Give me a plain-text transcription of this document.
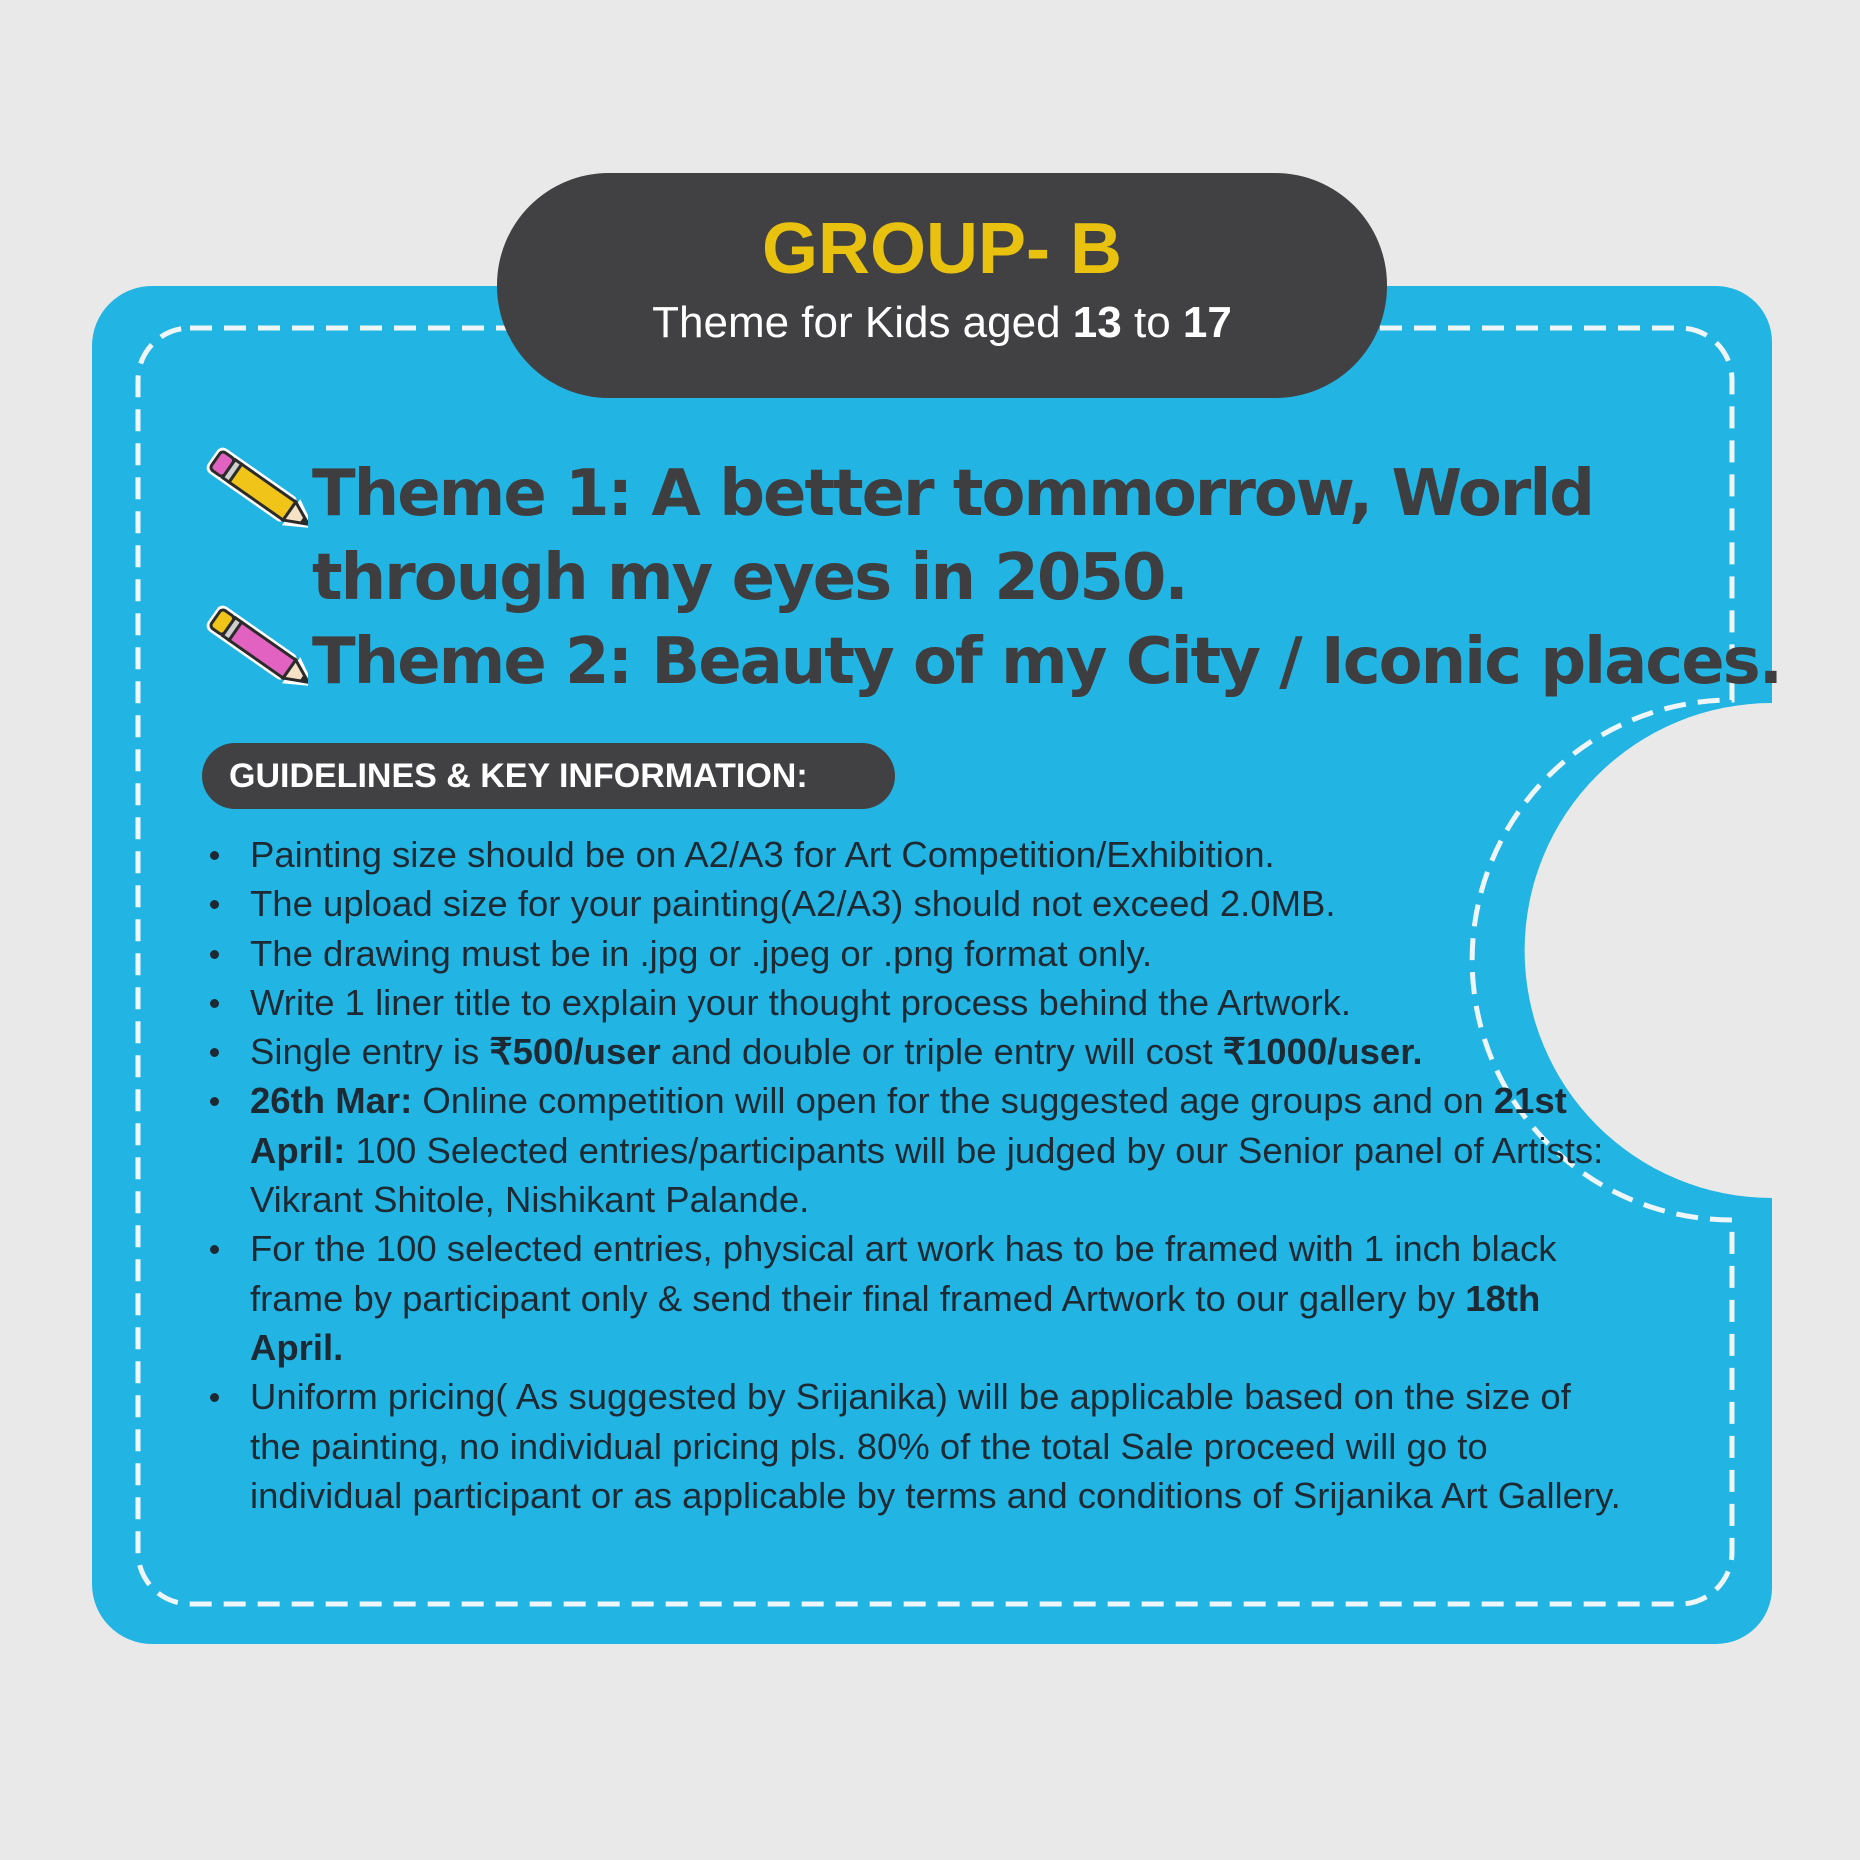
GROUP- B
Theme for Kids aged 13 to 17
Theme 1: A better tommorrow, World
through my eyes in 2050.
Theme 2: Beauty of my City / Iconic places.
GUIDELINES & KEY INFORMATION:
Painting size should be on A2/A3 for Art Competition/Exhibition.
The upload size for your painting(A2/A3) should not exceed 2.0MB.
The drawing must be in .jpg or .jpeg or .png format only.
Write 1 liner title to explain your thought process behind the Artwork.
Single entry is ₹500/user and double or triple entry will cost ₹1000/user.
26th Mar: Online competition will open for the suggested age groups and on 21st April: 100 Selected entries/participants will be judged by our Senior panel of Artists: Vikrant Shitole, Nishikant Palande.
For the 100 selected entries, physical art work has to be framed with 1 inch black frame by participant only & send their final framed Artwork to our gallery by 18th April.
Uniform pricing( As suggested by Srijanika) will be applicable based on the size of the painting, no individual pricing pls. 80% of the total Sale proceed will go to individual participant or as applicable by terms and conditions of Srijanika Art Gallery.
